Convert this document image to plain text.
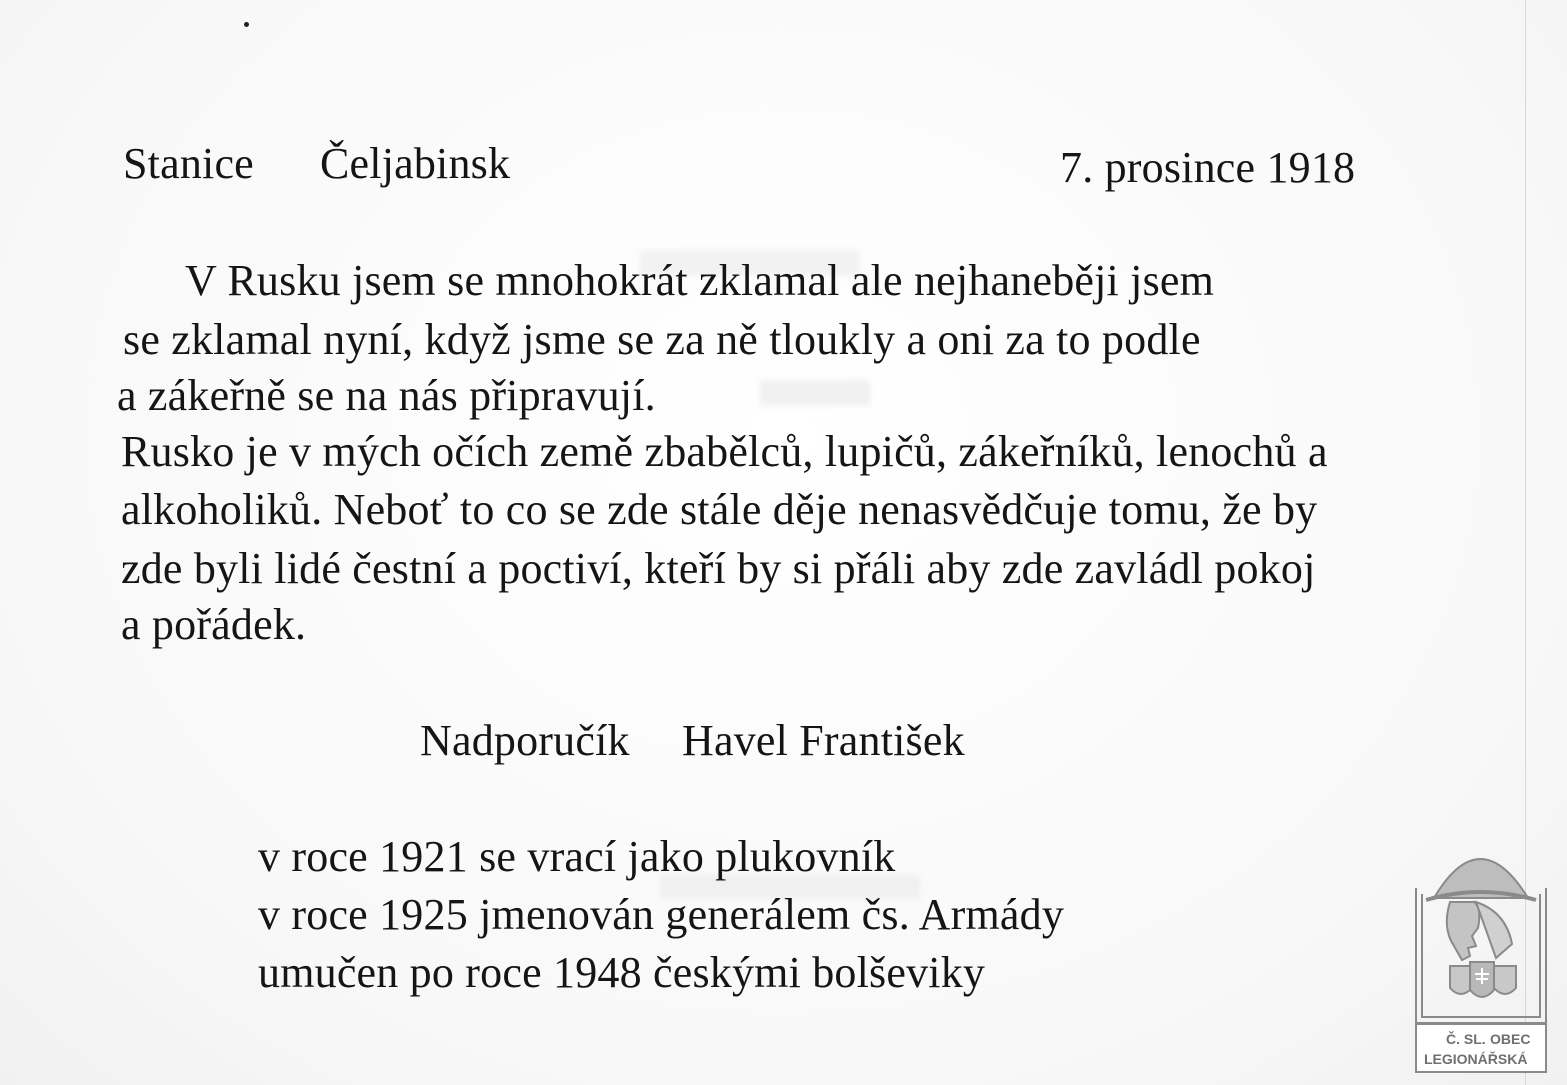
Stanice Čeljabinsk	7. prosince 1918
V Rusku jsem se mnohokrát zklamal ale nejhaneběji jsem
se zklamal nyní, když jsme se za ně tloukly a oni za to podle
a zákeřně se na nás připravují.
Rusko je v mých očích země zbabělců, lupičů, zákeřníků, lenochů a
alkoholiků. Neboť to co se zde stále děje nenasvědčuje tomu, že by
zde byli lidé čestní a poctiví, kteří by si přáli aby zde zavládl pokoj
a pořádek.
Nadporučík Havel František
v roce 1921 se vrací jako plukovník
v roce 1925 jmenován generálem čs. Armády
umučen po roce 1948 českými bolševiky
Č. SL. OBEC
LEGIONÁŘSKÁ
